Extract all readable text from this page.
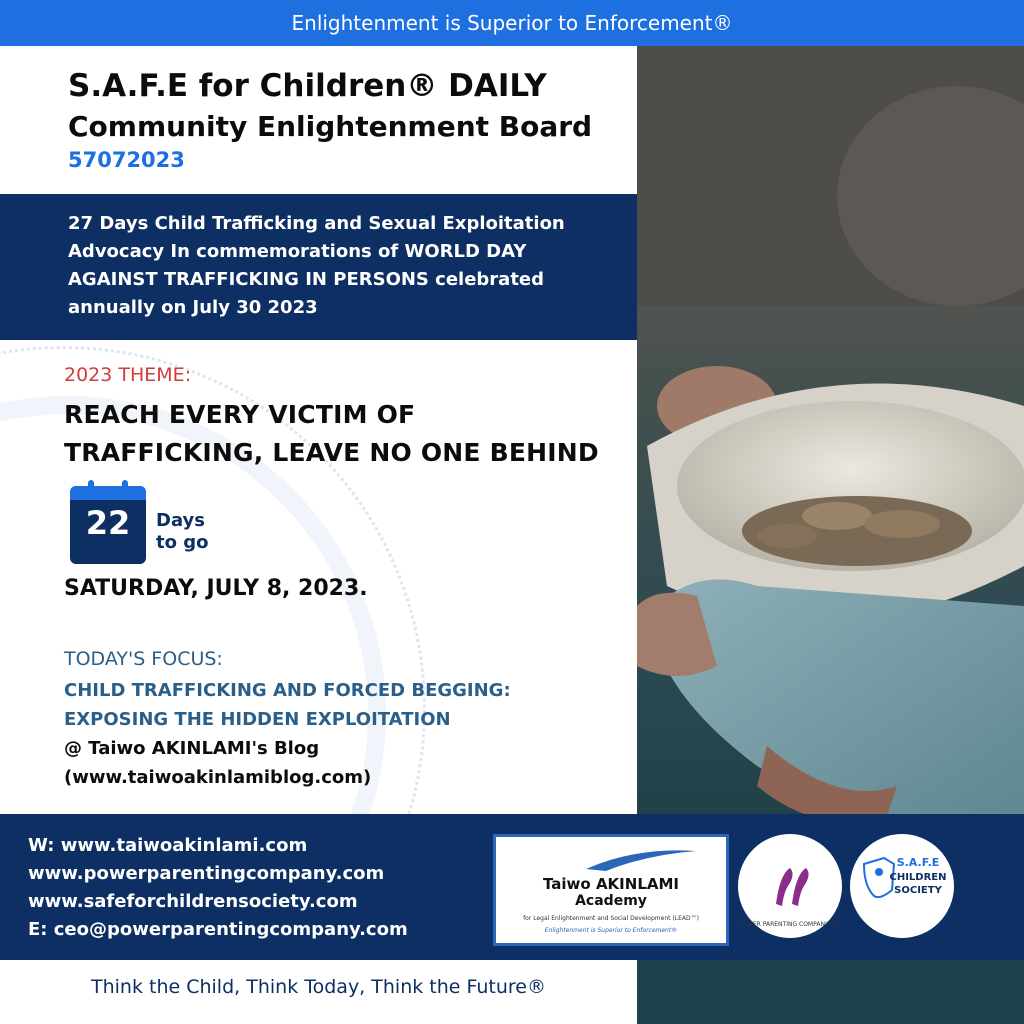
Enlightenment is Superior to Enforcement®
S.A.F.E for Children® DAILY
Community Enlightenment Board
57072023
27 Days Child Trafficking and Sexual Exploitation
Advocacy In commemorations of WORLD DAY
AGAINST TRAFFICKING IN PERSONS celebrated
annually on July 30 2023
2023 THEME:
REACH EVERY VICTIM OF
TRAFFICKING, LEAVE NO ONE BEHIND
22	Days
to go
SATURDAY, JULY 8, 2023.
TODAY'S FOCUS:
CHILD TRAFFICKING AND FORCED BEGGING:
EXPOSING THE HIDDEN EXPLOITATION
@ Taiwo AKINLAMI's Blog
(www.taiwoakinlamiblog.com)
W: www.taiwoakinlami.com
www.powerparentingcompany.com
www.safeforchildrensociety.com
E: ceo@powerparentingcompany.com
Taiwo AKINLAMI
Academy
for Legal Enlightenment and Social Development (LEAD™)
Enlightenment is Superior to Enforcement®
POWER PARENTING COMPANY LLC
S.A.F.E
CHILDREN
SOCIETY
Think the Child, Think Today, Think the Future®
